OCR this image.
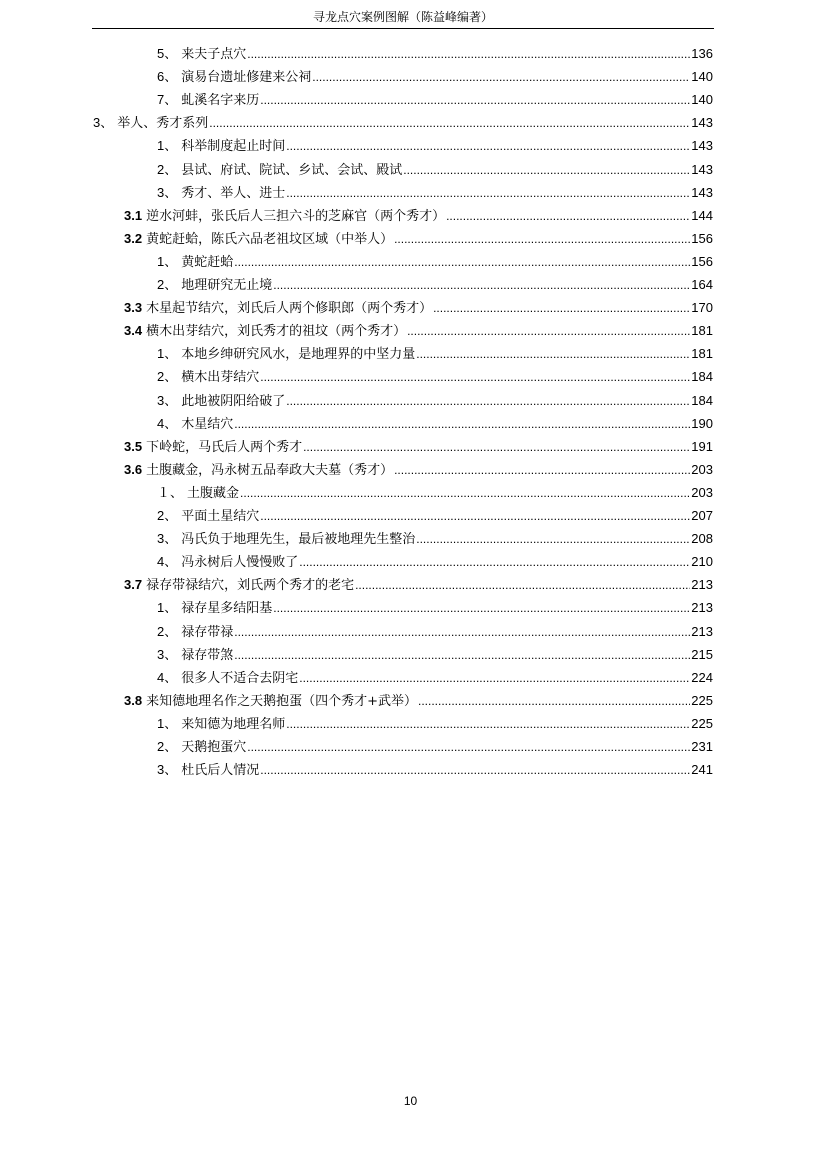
寻龙点穴案例图解（陈益峰编著）
5、 来夫子点穴 .....	136
6、 演易台遗址修建来公祠 .....	140
7、 虬溪名字来历 .....	140
3、 举人、秀才系列 .....	143
1、 科举制度起止时间 .....	143
2、 县试、府试、院试、乡试、会试、殿试 .....	143
3、 秀才、举人、进士 .....	143
3.1 逆水河蚌，张氏后人三担六斗的芝麻官（两个秀才） .....	144
3.2 黄蛇赶蛤，陈氏六品老祖坟区域（中举人） .....	156
1、 黄蛇赶蛤 .....	156
2、 地理研究无止境 .....	164
3.3 木星起节结穴，刘氏后人两个修职郎（两个秀才） .....	170
3.4 横木出芽结穴，刘氏秀才的祖坟（两个秀才） .....	181
1、 本地乡绅研究风水，是地理界的中坚力量 .....	181
2、 横木出芽结穴 .....	184
3、 此地被阴阳给破了 .....	184
4、 木星结穴 .....	190
3.5 下岭蛇，马氏后人两个秀才 .....	191
3.6 土腹藏金，冯永树五品奉政大夫墓（秀才） .....	203
１、 土腹藏金 .....	203
2、 平面土星结穴 .....	207
3、 冯氏负于地理先生，最后被地理先生整治 .....	208
4、 冯永树后人慢慢败了 .....	210
3.7 禄存带禄结穴，刘氏两个秀才的老宅 .....	213
1、 禄存星多结阳基 .....	213
2、 禄存带禄 .....	213
3、 禄存带煞 .....	215
4、 很多人不适合去阴宅 .....	224
3.8 来知德地理名作之天鹅抱蛋（四个秀才+武举） .....	225
1、 来知德为地理名师 .....	225
2、 天鹅抱蛋穴 .....	231
3、 杜氏后人情况 .....	241
10
